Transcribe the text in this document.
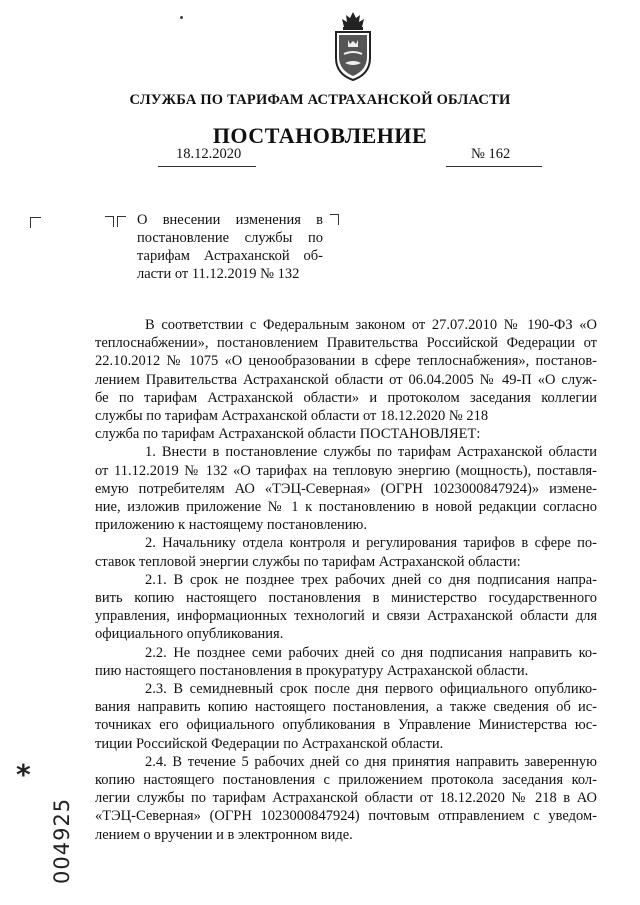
СЛУЖБА ПО ТАРИФАМ АСТРАХАНСКОЙ ОБЛАСТИ
ПОСТАНОВЛЕНИЕ
18.12.2020	№ 162
О внесении изменения в
постановление службы по
тарифам Астраханской об-
ласти от 11.12.2019 № 132
В соответствии с Федеральным законом от 27.07.2010 № 190-ФЗ «О
теплоснабжении», постановлением Правительства Российской Федерации от
22.10.2012 № 1075 «О ценообразовании в сфере теплоснабжения», постанов-
лением Правительства Астраханской области от 06.04.2005 № 49-П «О служ-
бе по тарифам Астраханской области» и протоколом заседания коллегии
службы по тарифам Астраханской области от 18.12.2020 № 218
служба по тарифам Астраханской области ПОСТАНОВЛЯЕТ:
1. Внести в постановление службы по тарифам Астраханской области
от 11.12.2019 № 132 «О тарифах на тепловую энергию (мощность), поставля-
емую потребителям АО «ТЭЦ-Северная» (ОГРН 1023000847924)» измене-
ние, изложив приложение № 1 к постановлению в новой редакции согласно
приложению к настоящему постановлению.
2. Начальнику отдела контроля и регулирования тарифов в сфере по-
ставок тепловой энергии службы по тарифам Астраханской области:
2.1. В срок не позднее трех рабочих дней со дня подписания напра-
вить копию настоящего постановления в министерство государственного
управления, информационных технологий и связи Астраханской области для
официального опубликования.
2.2. Не позднее семи рабочих дней со дня подписания направить ко-
пию настоящего постановления в прокуратуру Астраханской области.
2.3. В семидневный срок после дня первого официального опублико-
вания направить копию настоящего постановления, а также сведения об ис-
точниках его официального опубликования в Управление Министерства юс-
тиции Российской Федерации по Астраханской области.
2.4. В течение 5 рабочих дней со дня принятия направить заверенную
копию настоящего постановления с приложением протокола заседания кол-
легии службы по тарифам Астраханской области от 18.12.2020 № 218 в АО
«ТЭЦ-Северная» (ОГРН 1023000847924) почтовым отправлением с уведом-
лением о вручении и в электронном виде.
*
004925
